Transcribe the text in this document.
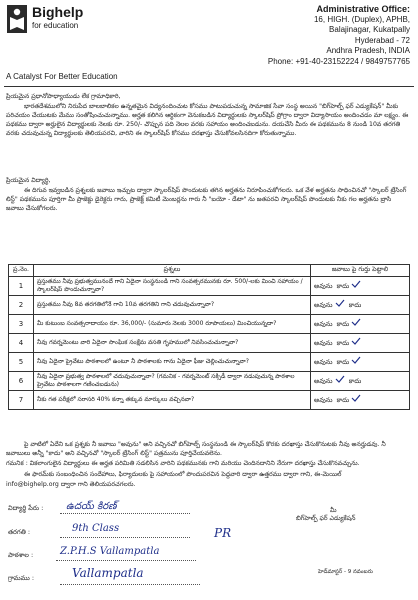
Bighelp
for education
A Catalyst For Better Education
Administrative Office:
16, HIGH. (Duplex), APHB,
Balajinagar, Kukatpally
Hyderabad - 72
Andhra Pradesh, INDIA
Phone: +91-40-23152224 / 9849757765
ప్రియమైన ప్రధానోపాధ్యాయుడు లేక గ్రామాధికారి,
భారతదేశములోని నిరుపేద బాలబాలికల ఉన్నతమైన విద్యనందించుట కోసము పాటుపడుచున్న సామాజిక సేవా సంస్థ అయిన "బిగ్‌హెల్ప్ ఫర్ ఎడ్యుకేషన్" మీకు పరిచయం చేయుటకు మేము సంతోషించుచున్నాము. అర్హత కలిగిన ఆర్థికంగా వెనుకబడిన విద్యార్థులకు స్కాలర్‌షిప్ ప్రోగ్రాం ద్వారా విద్యాసాయం అందించడం మా లక్ష్యం. ఈ పథకము ద్వారా అర్హులైన విద్యార్థులకు నెలకు రూ. 250/- చొప్పున పది నెలల వరకు సహాయం అందించబడును. దయచేసి మీరు ఈ పథకమును 8 నుండి 10వ తరగతి వరకు చదువుచున్న విద్యార్థులకు తెలియపరచి, వారిని ఈ స్కాలర్‌షిప్ కోసము దరఖాస్తు చేసుకోవలసినదిగా కోరుతున్నాము.
ప్రియమైన విద్యార్థి,
ఈ దిగువ ఇవ్వబడిన ప్రశ్నలకు జవాబు ఇచ్చుట ద్వారా స్కాలర్‌షిప్ పొందుటకు తగిన అర్హతను నిరూపించుకోగలరు. ఒక వేళ అర్హతను సాధించినచో "స్కాలర్ ట్రేసింగ్ లిస్ట్" పథకమును పూర్తిగా మీ ప్రాజెక్టు డైరెక్టరు గారు, ప్రాజెక్ట్ కమిటీ మెంబర్లను గారు నీ "బయో - డేటా" ను జతపరచి స్కాలర్‌షిప్ పొందుటకు నీకు గల అర్హతను బ్రాసి జవాబు చేసుకోగలరు.
ప్ర.నెం.	ప్రశ్నలు	జవాబు పై గుర్తు పెట్టాలి
1	ప్రస్తుతము నీవు ప్రభుత్వమునందే గాని ఏదైనా సంస్థనుండి గాని సంవత్సరమునకు రూ. 500/-లకు మించి సహాయం / స్కాలర్‌షిప్ పొందుచున్నావా?	అవును కాదు
2	ప్రస్తుతము నీవు 8వ తరగతిలోనే గాని 10వ తరగతిని గాని చదువుచున్నావా?	అవును కాదు
3	మీ కుటుంబ సంవత్సరాదాయం రూ. 36,000/- (సుమారు నెలకు 3000 రూపాయలు) మించియున్నదా?	అవును కాదు
4	నీవు గవర్నమెంటు వారి ఏదైనా సాంఘిక సంక్షేమ వసతి గృహములో నివసించుచున్నావా?	అవును కాదు
5	నీవు ఏదైనా ప్రైవేటు పాఠశాలలో ఉంటూ నీ పాఠశాలకు గాను ఏదైనా ఫీజు చెల్లించుచున్నావా?	అవును కాదు
6	నీవు ఏదైనా ప్రభుత్వ పాఠశాలలో చదువుచున్నావా? (గమనిక - గవర్నమెంట్ సక్సిడీ ద్వారా నడుపుచున్న పాఠశాల ప్రైవేటు పాఠశాలగా గణించబడును)	అవును కాదు
7	నీకు గత పరీక్షలో సరాసరి 40% కన్నా తక్కువ మార్కులు వచ్చినవా?	అవును కాదు
పై వాటిలో ఏదేని ఒక ప్రశ్నకు నీ జవాబు "అవును" అని వచ్చినచో బిగ్‌హెల్ప్ సంస్థనుండి ఈ స్కాలర్‌షిప్ కొరకు దరఖాస్తు చేసుకొనుటకు నీవు అనర్హుడవు. నీ జవాబులు అన్నీ "కాదు" అని వచ్చినచో "స్కాలర్ ట్రేసింగ్ లిస్ట్" పత్రమును పూర్తిచేయవలెను.
గమనిక : వికలాంగులైన విద్యార్థులు ఈ అర్హత పరిమితి సడలిసిన వారిని పథకమునకు గాని మరియు చెందినదానిని నేరుగా దరఖాస్తు చేసుకొనవచ్చును.
ఈ ఫారమ్‌కు సంబంధించిన సందేహాలు, ఫిర్యాదులకు పై సహాయంలో పొందుపరచిన పెద్దవారి ద్వారా ఉత్తరము ద్వారా గాని, ఈ-మెయిల్
info@bighelp.org ద్వారా గాని తెలియపరచగలరు.
మీ
బిగ్‌హెల్ప్ ఫర్ ఎడ్యుకేషన్
విద్యార్థి పేరు : ఉదయ్ కిరణ్
తరగతి :	9th Class	PR
పాఠశాల :	Z.P.H.S Vallampatla
గ్రామము :	Vallampatla	హెడ్‌మాస్టర్ - 9 నవంబరు
